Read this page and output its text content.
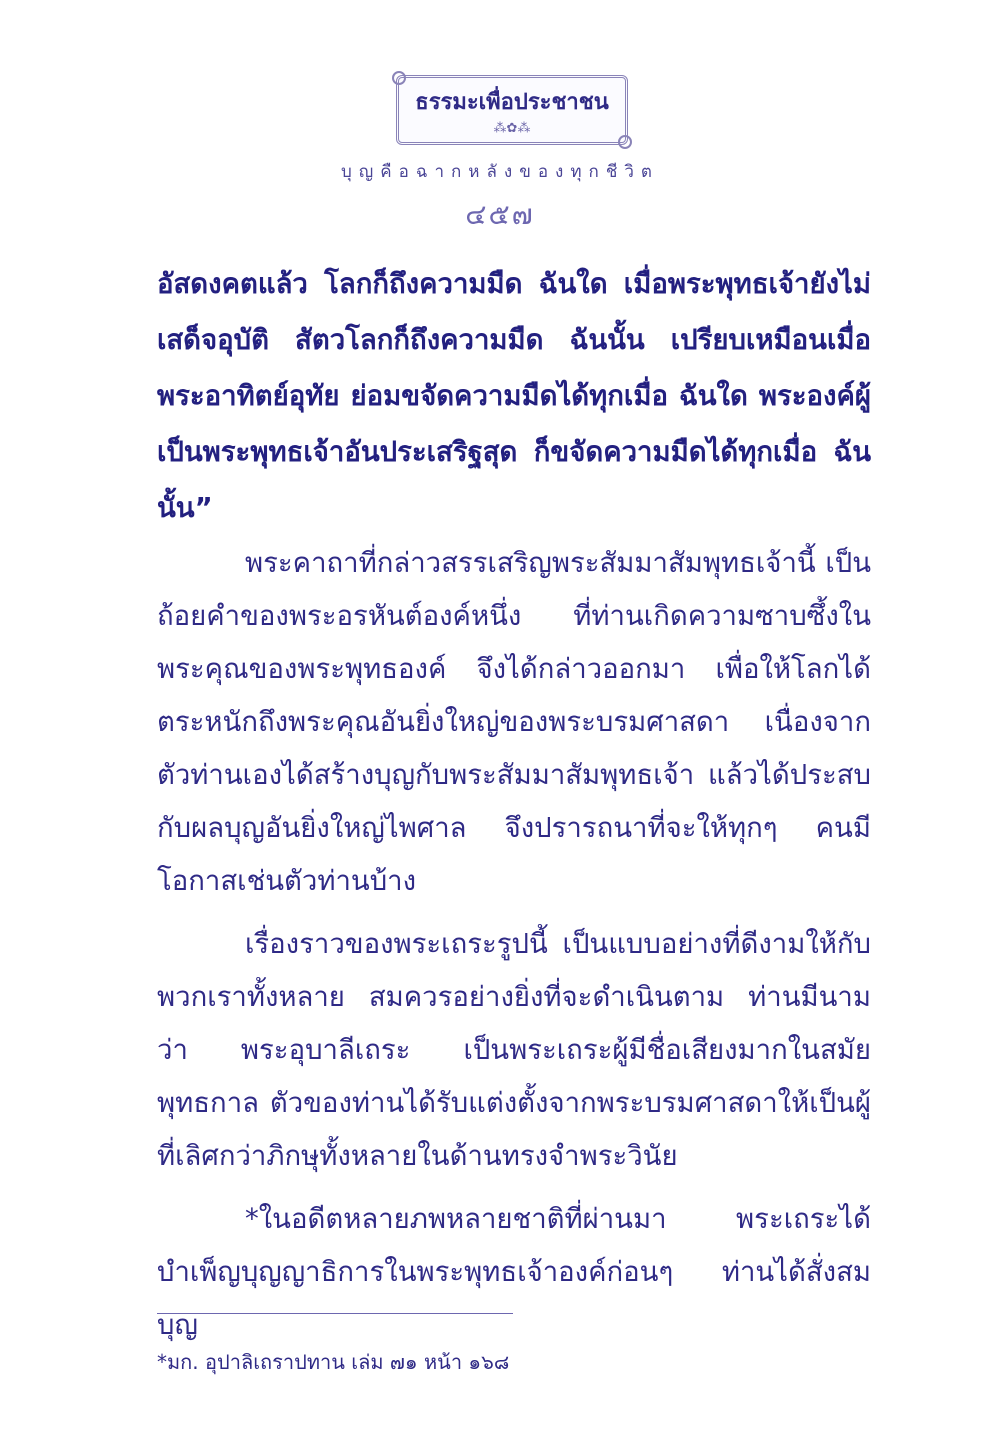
ธรรมะเพื่อประชาชน
⁂✿⁂
บุญคือฉากหลังของทุกชีวิต
๔๕๗
อัสดงคตแล้ว โลกก็ถึงความมืด ฉันใด เมื่อพระพุทธเจ้ายังไม่เสด็จอุบัติ สัตวโลกก็ถึงความมืด ฉันนั้น เปรียบเหมือนเมื่อพระอาทิตย์อุทัย ย่อมขจัดความมืดได้ทุกเมื่อ ฉันใด พระองค์ผู้เป็นพระพุทธเจ้าอันประเสริฐสุด ก็ขจัดความมืดได้ทุกเมื่อ ฉันนั้น”

พระคาถาที่กล่าวสรรเสริญพระสัมมาสัมพุทธเจ้านี้ เป็นถ้อยคำของพระอรหันต์องค์หนึ่ง ที่ท่านเกิดความซาบซึ้งในพระคุณของพระพุทธองค์ จึงได้กล่าวออกมา เพื่อให้โลกได้ตระหนักถึงพระคุณอันยิ่งใหญ่ของพระบรมศาสดา เนื่องจากตัวท่านเองได้สร้างบุญกับพระสัมมาสัมพุทธเจ้า แล้วได้ประสบกับผลบุญอันยิ่งใหญ่ไพศาล จึงปรารถนาที่จะให้ทุกๆ คนมีโอกาสเช่นตัวท่านบ้าง

เรื่องราวของพระเถระรูปนี้ เป็นแบบอย่างที่ดีงามให้กับพวกเราทั้งหลาย สมควรอย่างยิ่งที่จะดำเนินตาม ท่านมีนามว่า พระอุบาลีเถระ เป็นพระเถระผู้มีชื่อเสียงมากในสมัยพุทธกาล ตัวของท่านได้รับแต่งตั้งจากพระบรมศาสดาให้เป็นผู้ที่เลิศกว่าภิกษุทั้งหลายในด้านทรงจำพระวินัย

*ในอดีตหลายภพหลายชาติที่ผ่านมา พระเถระได้บำเพ็ญบุญญาธิการในพระพุทธเจ้าองค์ก่อนๆ ท่านได้สั่งสมบุญ

*มก. อุปาลิเถราปทาน เล่ม ๗๑ หน้า ๑๖๘
